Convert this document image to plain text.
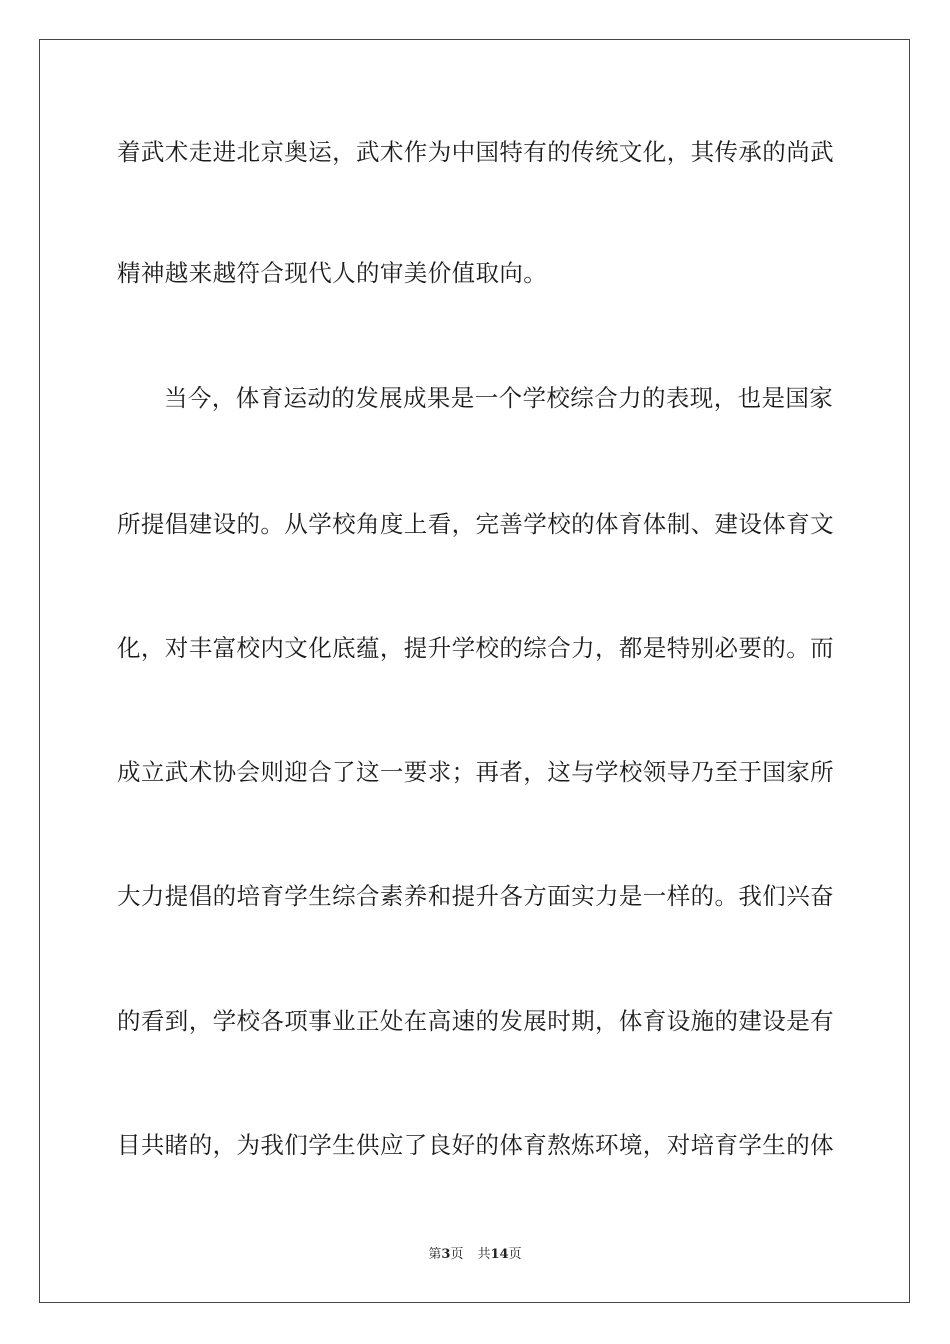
着武术走进北京奥运，武术作为中国特有的传统文化，其传承的尚武
精神越来越符合现代人的审美价值取向。
当今，体育运动的发展成果是一个学校综合力的表现，也是国家
所提倡建设的。从学校角度上看，完善学校的体育体制、建设体育文
化，对丰富校内文化底蕴，提升学校的综合力，都是特别必要的。而
成立武术协会则迎合了这一要求；再者，这与学校领导乃至于国家所
大力提倡的培育学生综合素养和提升各方面实力是一样的。我们兴奋
的看到，学校各项事业正处在高速的发展时期，体育设施的建设是有
目共睹的，为我们学生供应了良好的体育熬炼环境，对培育学生的体
第3页 共14页
